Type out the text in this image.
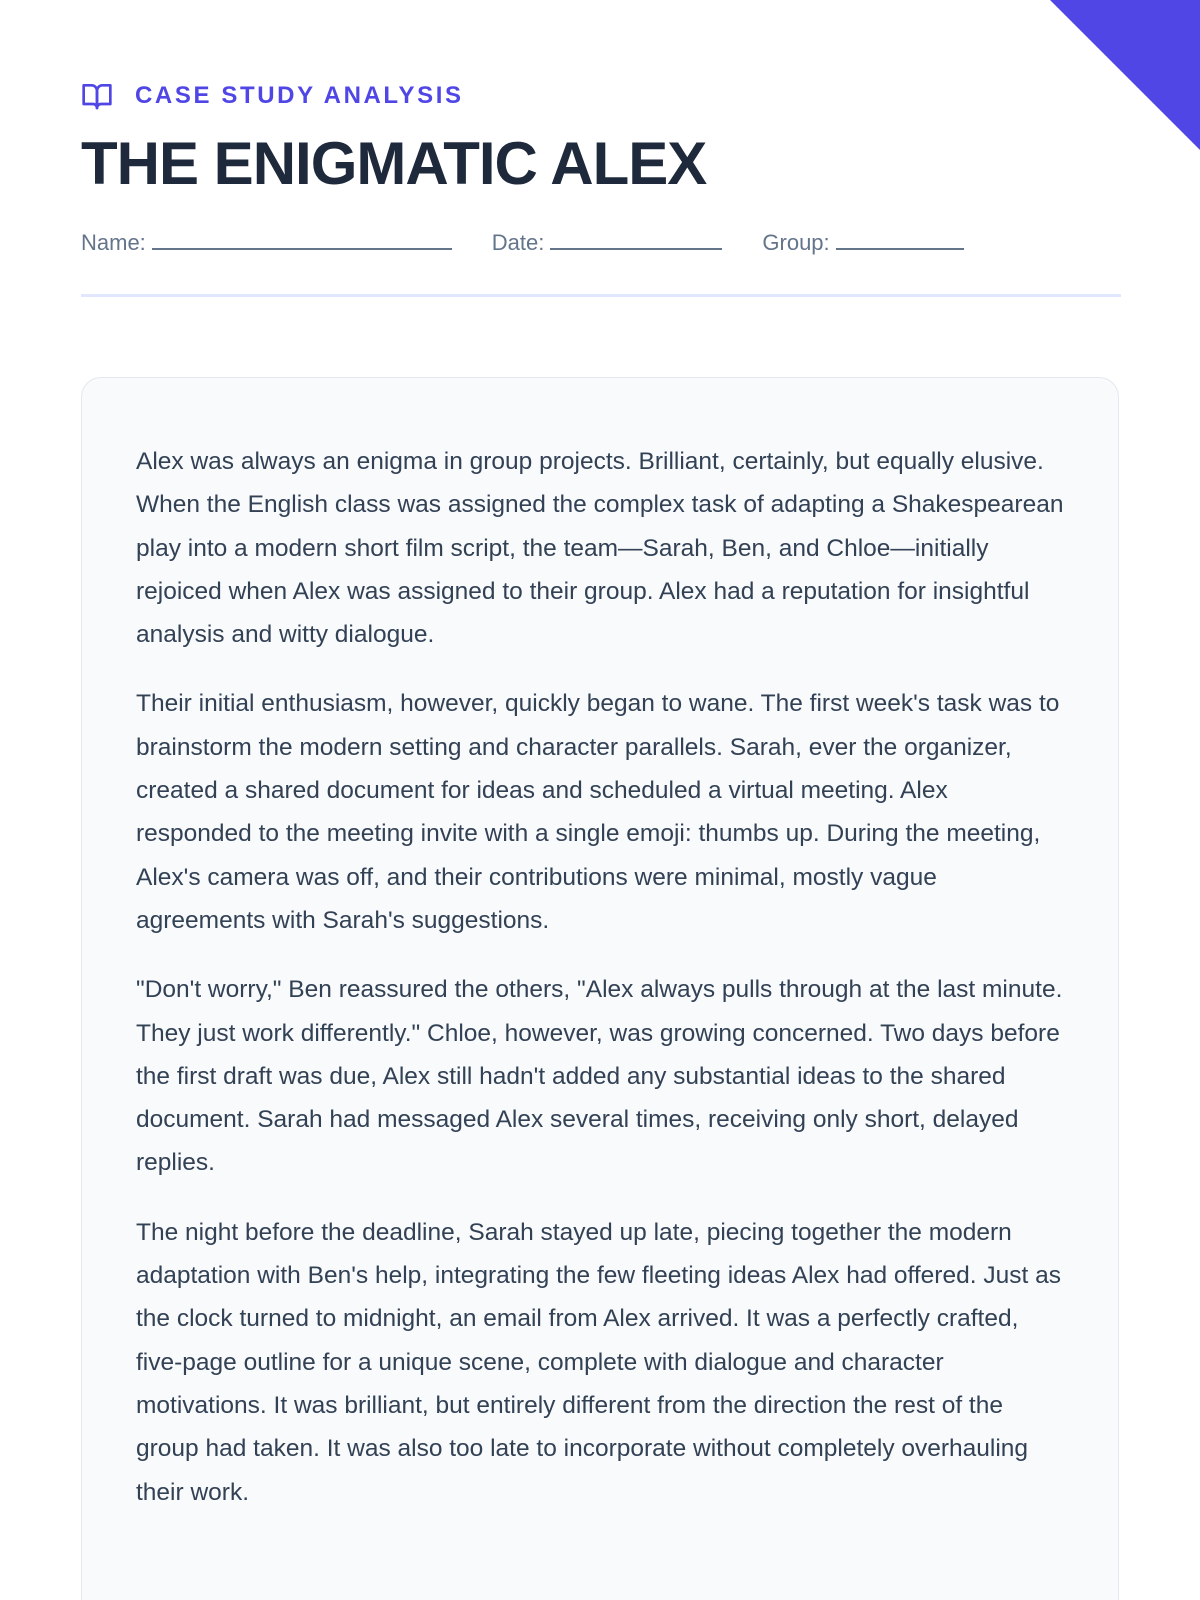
CASE STUDY ANALYSIS
THE ENIGMATIC ALEX
Name:	Date:	Group:

Alex was always an enigma in group projects. Brilliant, certainly, but equally elusive. When the English class was assigned the complex task of adapting a Shakespearean play into a modern short film script, the team—Sarah, Ben, and Chloe—initially rejoiced when Alex was assigned to their group. Alex had a reputation for insightful analysis and witty dialogue.

Their initial enthusiasm, however, quickly began to wane. The first week's task was to brainstorm the modern setting and character parallels. Sarah, ever the organizer, created a shared document for ideas and scheduled a virtual meeting. Alex responded to the meeting invite with a single emoji: thumbs up. During the meeting, Alex's camera was off, and their contributions were minimal, mostly vague agreements with Sarah's suggestions.

"Don't worry," Ben reassured the others, "Alex always pulls through at the last minute. They just work differently." Chloe, however, was growing concerned. Two days before the first draft was due, Alex still hadn't added any substantial ideas to the shared document. Sarah had messaged Alex several times, receiving only short, delayed replies.

The night before the deadline, Sarah stayed up late, piecing together the modern adaptation with Ben's help, integrating the few fleeting ideas Alex had offered. Just as the clock turned to midnight, an email from Alex arrived. It was a perfectly crafted, five-page outline for a unique scene, complete with dialogue and character motivations. It was brilliant, but entirely different from the direction the rest of the group had taken. It was also too late to incorporate without completely overhauling their work.
